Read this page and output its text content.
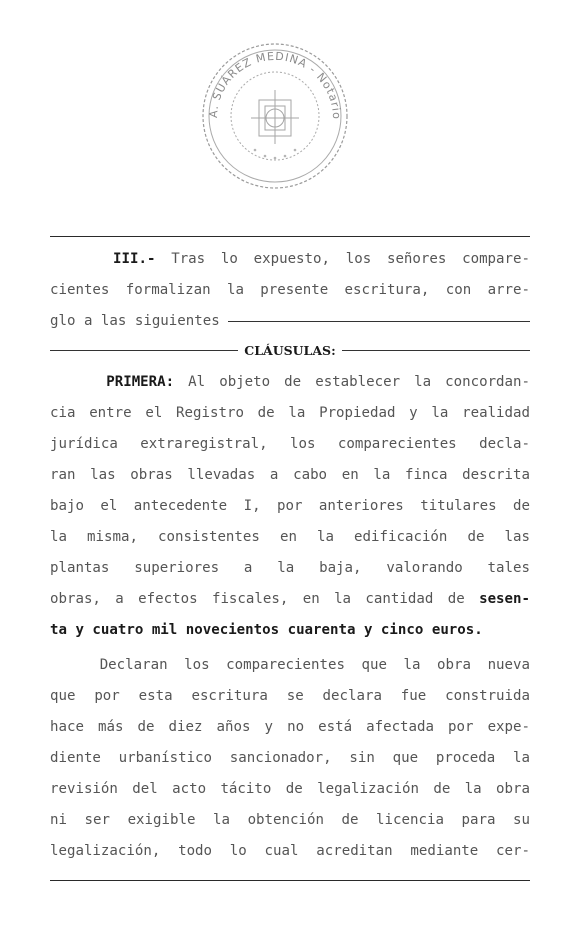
A. SUÁREZ MEDINA - Notario
III.- Tras lo expuesto, los señores compare-
cientes formalizan la presente escritura, con arre-
glo a las siguientes
CLÁUSULAS:
PRIMERA: Al objeto de establecer la concordan-
cia entre el Registro de la Propiedad y la realidad
jurídica extraregistral, los comparecientes decla-
ran las obras llevadas a cabo en la finca descrita
bajo el antecedente I, por anteriores titulares de
la misma, consistentes en la edificación de las
plantas superiores a la baja, valorando tales
obras, a efectos fiscales, en la cantidad de sesen-
ta y cuatro mil novecientos cuarenta y cinco euros.
Declaran los comparecientes que la obra nueva
que por esta escritura se declara fue construida
hace más de diez años y no está afectada por expe-
diente urbanístico sancionador, sin que proceda la
revisión del acto tácito de legalización de la obra
ni ser exigible la obtención de licencia para su
legalización, todo lo cual acreditan mediante cer-
